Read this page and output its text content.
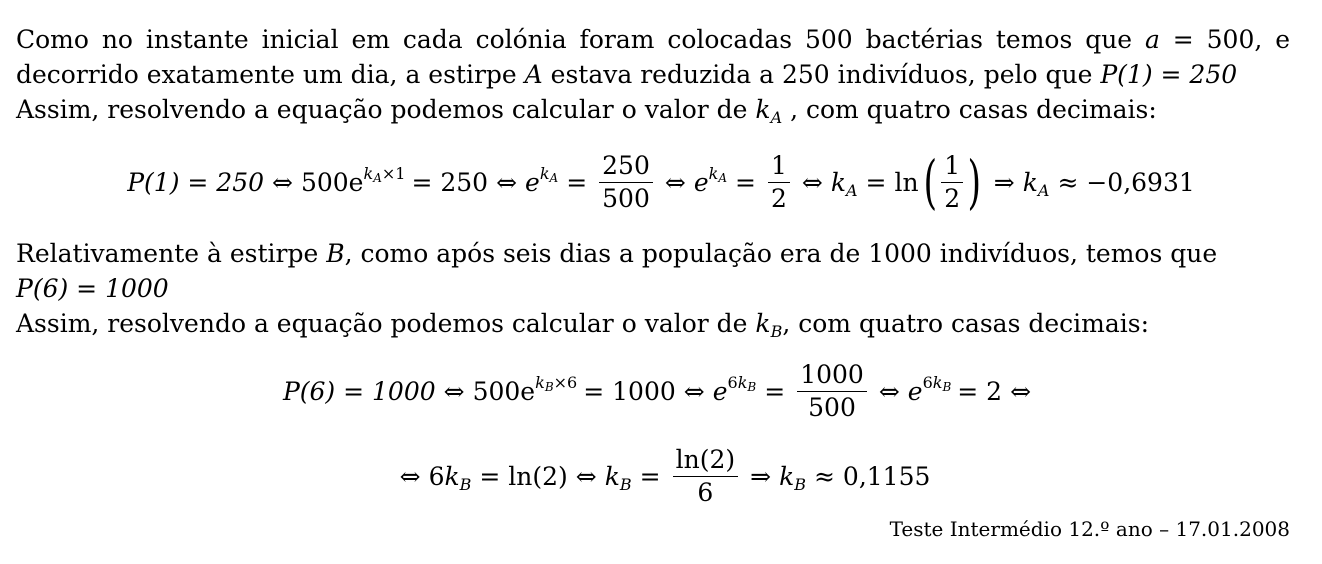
Como no instante inicial em cada colónia foram colocadas 500 bactérias temos que a = 500, e decorrido exatamente um dia, a estirpe A estava reduzida a 250 indivíduos, pelo que P(1) = 250

Assim, resolvendo a equação podemos calcular o valor de $k_A$ , com quatro casas decimais:
P(1) = 250 ⇔ $500e^{k_A\times 1} = 250$ ⇔ $e^{k_A} = \frac{250}{500}$ ⇔ $e^{k_A} = \frac{1}{2}$ ⇔ $k_A = \ln$ ( $\frac{1}{2}$ ) ⇒ $k_A \approx -0,6931$

Relativamente à estirpe B, como após seis dias a população era de 1000 indivíduos, temos que

P(6) = 1000
Assim, resolvendo a equação podemos calcular o valor de $k_B$, com quatro casas decimais:
P(6) = 1000 ⇔ $500e^{k_B\times 6} = 1000$ ⇔ $e^{6k_B} = \frac{1000}{500}$ ⇔ $e^{6k_B} = 2$ ⇔
⇔ $6k_B = \ln(2)$ ⇔ $k_B = \frac{\ln(2)}{6}$ ⇒ $k_B \approx 0,1155$
Teste Intermédio 12.º ano – 17.01.2008
